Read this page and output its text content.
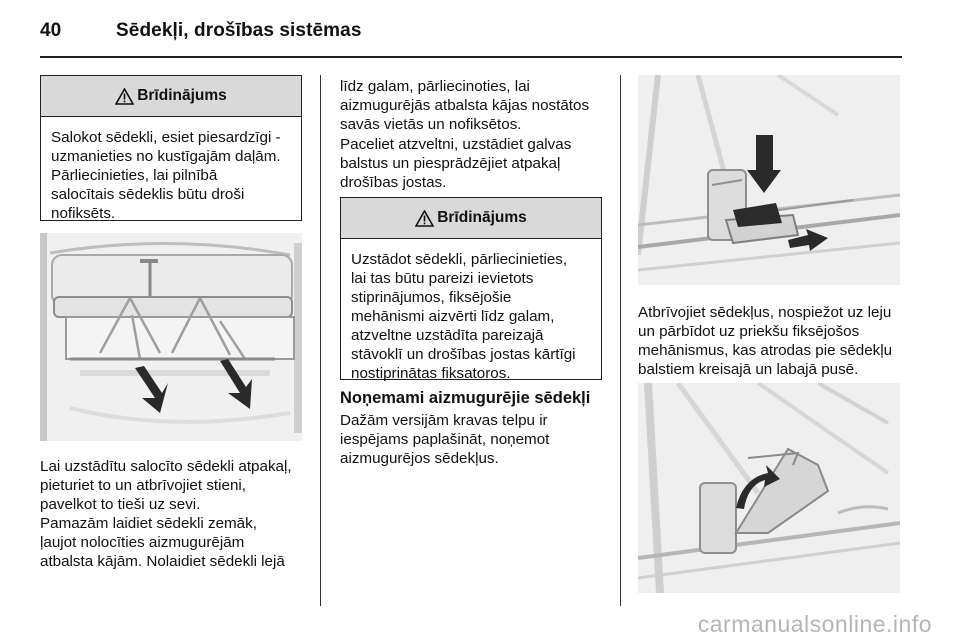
40	Sēdekļi, drošības sistēmas
Brīdinājums
Salokot sēdekli, esiet piesardzīgi -
uzmanieties no kustīgajām daļām.
Pārliecinieties, lai pilnībā
salocītais sēdeklis būtu droši
nofiksēts.
Lai uzstādītu salocīto sēdekli atpakaļ,
pieturiet to un atbrīvojiet stieni,
pavelkot to tieši uz sevi.
Pamazām laidiet sēdekli zemāk,
ļaujot nolocīties aizmugurējām
atbalsta kājām. Nolaidiet sēdekli lejā
līdz galam, pārliecinoties, lai
aizmugurējās atbalsta kājas nostātos
savās vietās un nofiksētos.
Paceliet atzveltni, uzstādiet galvas
balstus un piesprādzējiet atpakaļ
drošības jostas.
Brīdinājums
Uzstādot sēdekli, pārliecinieties,
lai tas būtu pareizi ievietots
stiprinājumos, fiksējošie
mehānismi aizvērti līdz galam,
atzveltne uzstādīta pareizajā
stāvoklī un drošības jostas kārtīgi
nostiprinātas fiksatoros.
Noņemami aizmugurējie sēdekļi
Dažām versijām kravas telpu ir
iespējams paplašināt, noņemot
aizmugurējos sēdekļus.
Atbrīvojiet sēdekļus, nospiežot uz leju
un pārbīdot uz priekšu fiksējošos
mehānismus, kas atrodas pie sēdekļu
balstiem kreisajā un labajā pusē.
carmanualsonline.info
